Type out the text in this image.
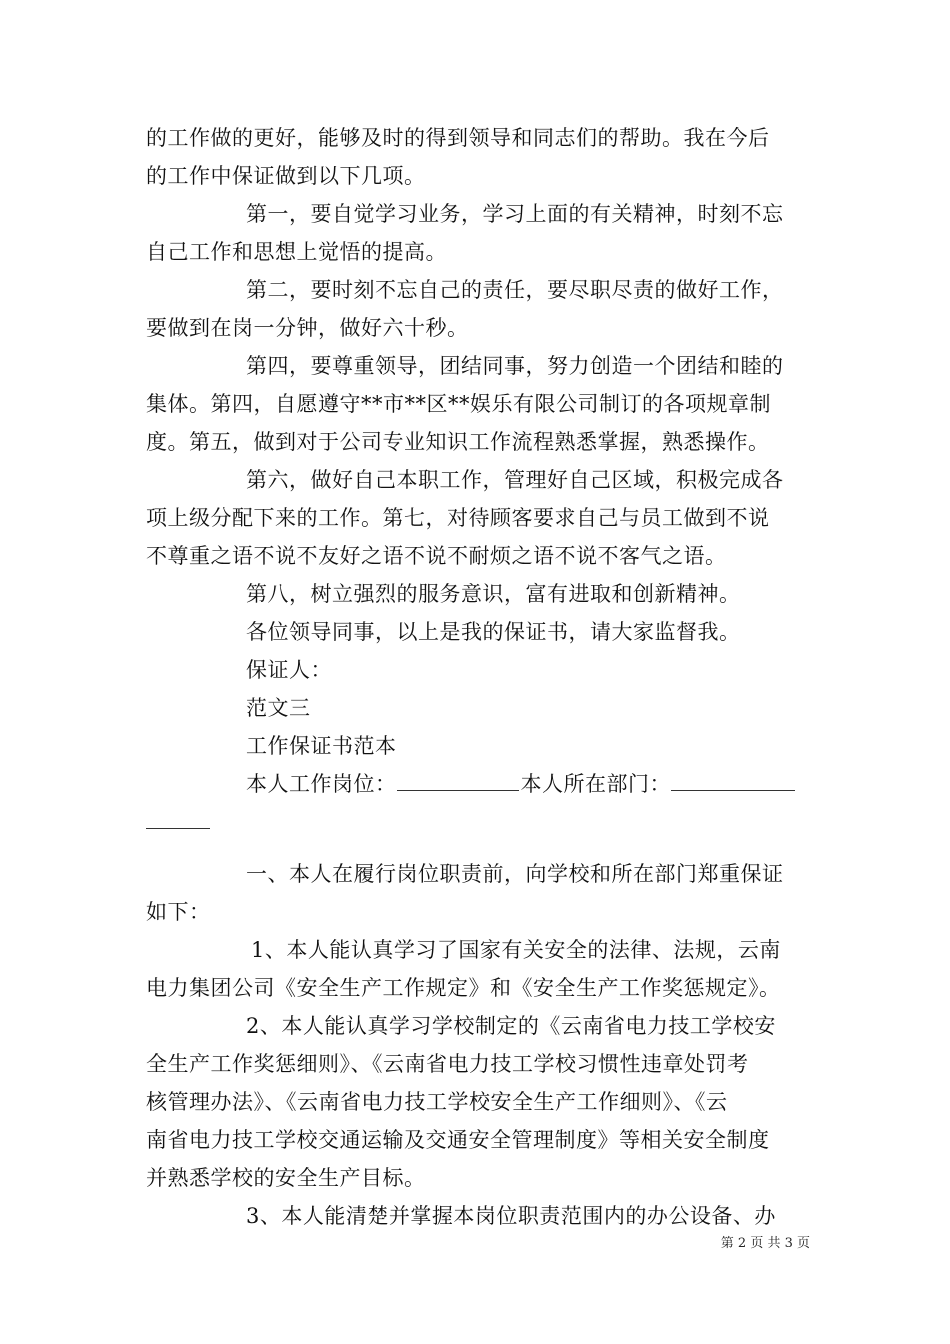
的工作做的更好，能够及时的得到领导和同志们的帮助。我在今后
的工作中保证做到以下几项。
第一，要自觉学习业务，学习上面的有关精神，时刻不忘
自己工作和思想上觉悟的提高。
第二，要时刻不忘自己的责任，要尽职尽责的做好工作，
要做到在岗一分钟，做好六十秒。
第四，要尊重领导，团结同事，努力创造一个团结和睦的
集体。第四，自愿遵守**市**区**娱乐有限公司制订的各项规章制
度。第五，做到对于公司专业知识工作流程熟悉掌握，熟悉操作。
第六，做好自己本职工作，管理好自己区域，积极完成各
项上级分配下来的工作。第七，对待顾客要求自己与员工做到不说
不尊重之语不说不友好之语不说不耐烦之语不说不客气之语。
第八，树立强烈的服务意识，富有进取和创新精神。
各位领导同事，以上是我的保证书，请大家监督我。
保证人：
范文三
工作保证书范本
本人工作岗位：	本人所在部门：
一、本人在履行岗位职责前，向学校和所在部门郑重保证
如下：
1、本人能认真学习了国家有关安全的法律、法规，云南
电力集团公司《安全生产工作规定》和《安全生产工作奖惩规定》。
2、本人能认真学习学校制定的《云南省电力技工学校安
全生产工作奖惩细则》、《云南省电力技工学校习惯性违章处罚考
核管理办法》、《云南省电力技工学校安全生产工作细则》、《云
南省电力技工学校交通运输及交通安全管理制度》等相关安全制度
并熟悉学校的安全生产目标。
3、本人能清楚并掌握本岗位职责范围内的办公设备、办
第 2 页 共 3 页
